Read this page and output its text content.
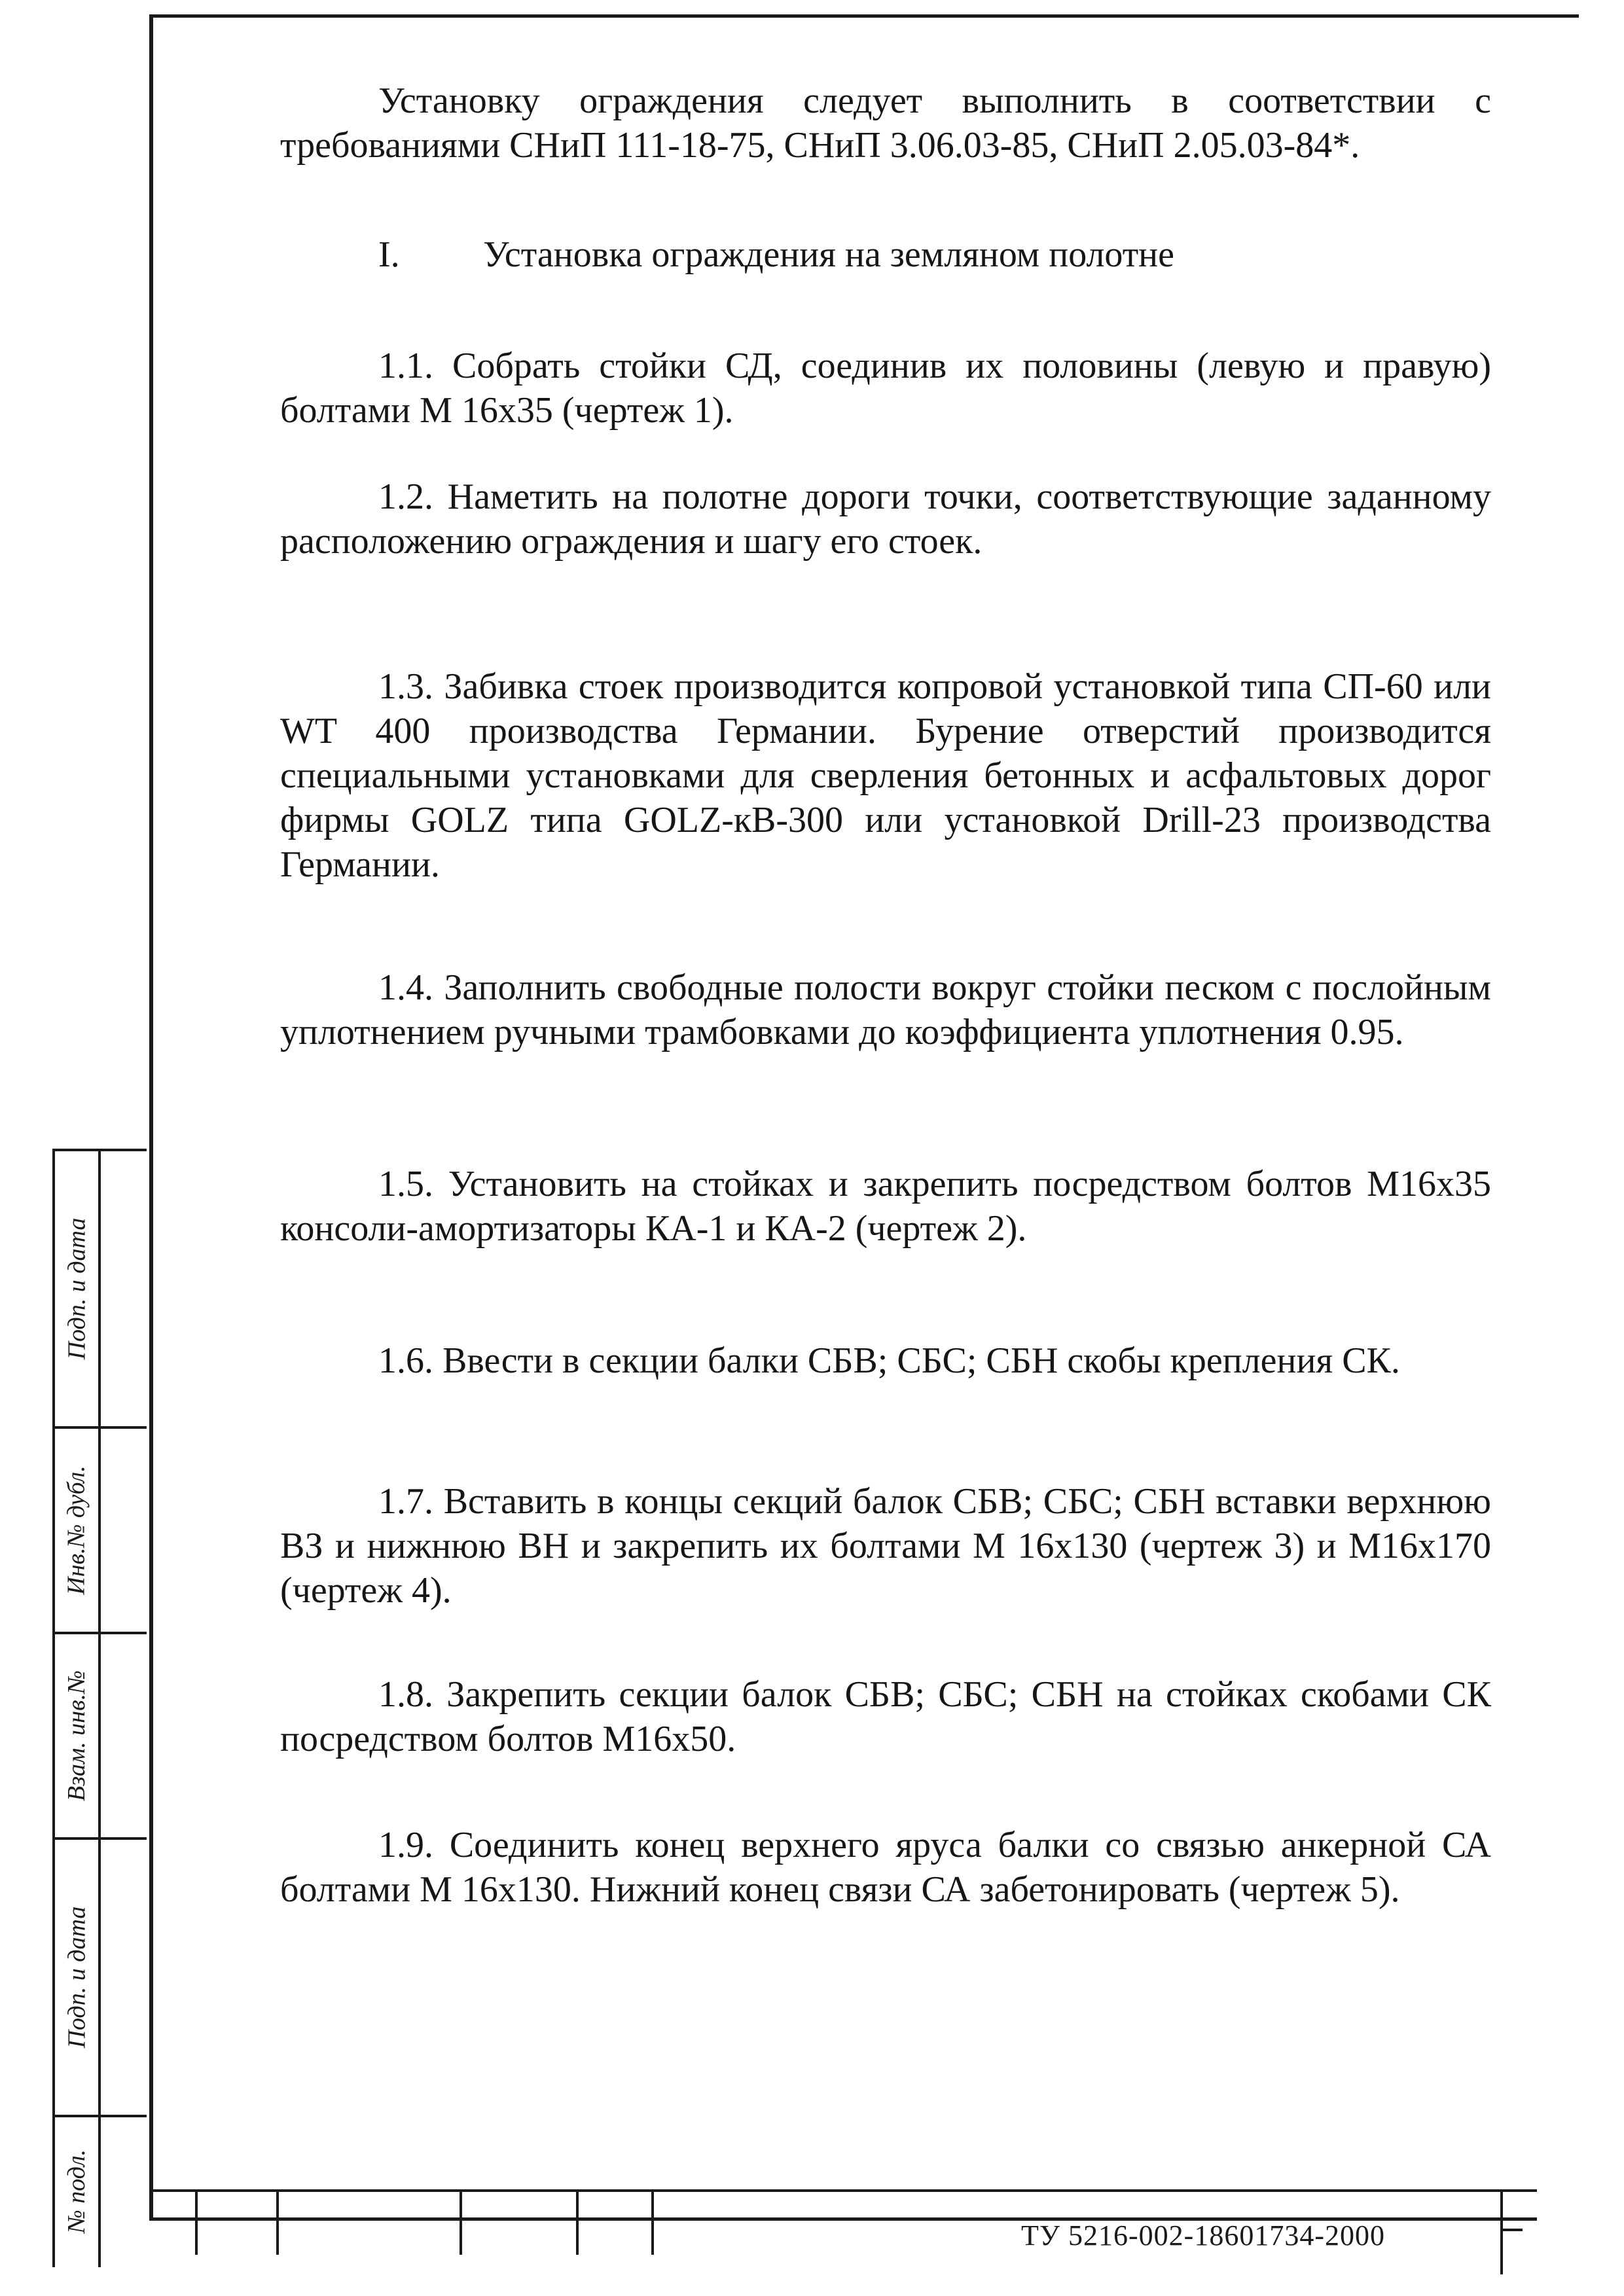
Установку ограждения следует выполнить в соответствии с требованиями СНиП 111-18-75, СНиП 3.06.03-85, СНиП 2.05.03-84*.

I. Установка ограждения на земляном полотне

1.1. Собрать стойки СД, соединив их половины (левую и правую) болтами М 16х35 (чертеж 1).

1.2. Наметить на полотне дороги точки, соответствующие заданному расположению ограждения и шагу его стоек.

1.3. Забивка стоек производится копровой установкой типа СП-60 или WT 400 производства Германии. Бурение отверстий производится специальными установками для сверления бетонных и асфальтовых дорог фирмы GOLZ типа GOLZ-кВ-300 или установкой Drill-23 производства Германии.

1.4. Заполнить свободные полости вокруг стойки песком с послойным уплотнением ручными трамбовками до коэффициента уплотнения 0.95.

1.5. Установить на стойках и закрепить посредством болтов М16х35 консоли-амортизаторы КА-1 и КА-2 (чертеж 2).

1.6. Ввести в секции балки СБВ; СБС; СБН скобы крепления СК.

1.7. Вставить в концы секций балок СБВ; СБС; СБН вставки верхнюю ВЗ и нижнюю ВН и закрепить их болтами М 16х130 (чертеж 3) и М16х170 (чертеж 4).

1.8. Закрепить секции балок СБВ; СБС; СБН на стойках скобами СК посредством болтов М16х50.

1.9. Соединить конец верхнего яруса балки со связью анкерной СА болтами М 16х130. Нижний конец связи СА забетонировать (чертеж 5).

Подп. и дата
Инв.№ дубл.
Взам. инв.№
Подп. и дата
№ подл.
ТУ 5216-002-18601734-2000
